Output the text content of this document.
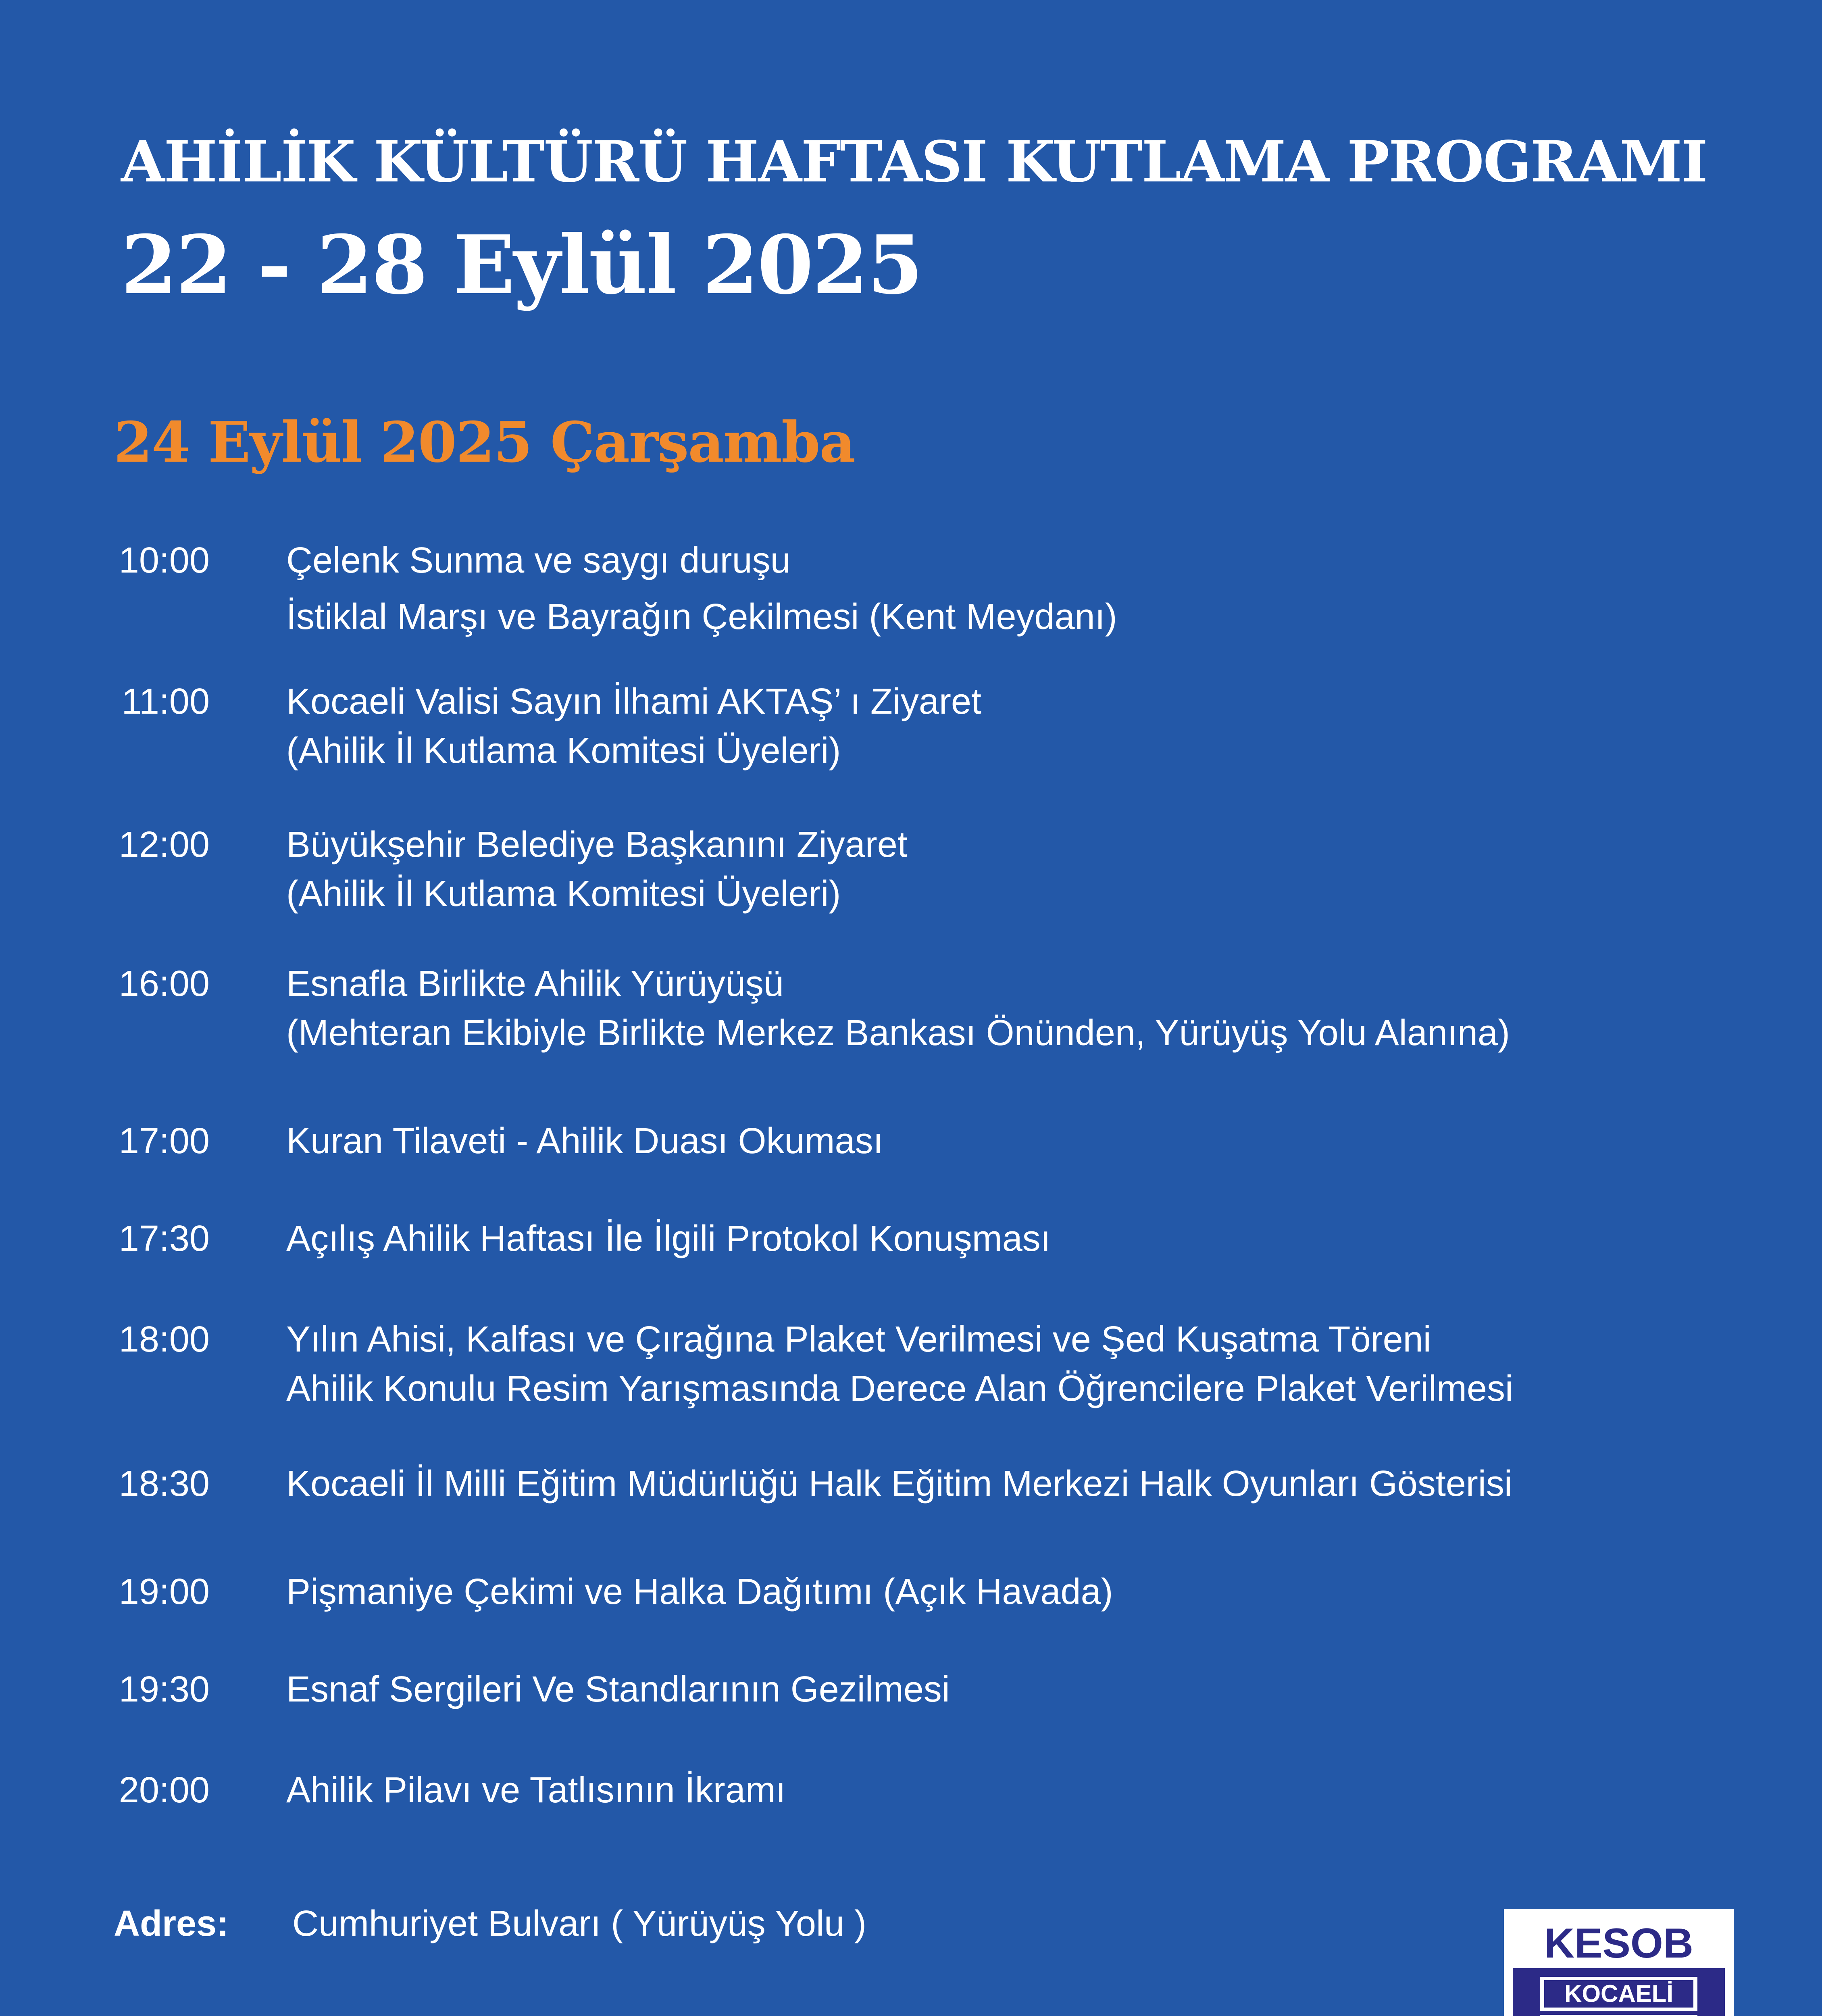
AHİLİK KÜLTÜRÜ HAFTASI KUTLAMA PROGRAMI
22 - 28 Eylül 2025
24 Eylül 2025 Çarşamba
10:00 Çelenk Sunma ve saygı duruşu
İstiklal Marşı ve Bayrağın Çekilmesi (Kent Meydanı)
11:00 Kocaeli Valisi Sayın İlhami AKTAŞ’ ı Ziyaret
(Ahilik İl Kutlama Komitesi Üyeleri)
12:00 Büyükşehir Belediye Başkanını Ziyaret
(Ahilik İl Kutlama Komitesi Üyeleri)
16:00 Esnafla Birlikte Ahilik Yürüyüşü
(Mehteran Ekibiyle Birlikte Merkez Bankası Önünden, Yürüyüş Yolu Alanına)
17:00 Kuran Tilaveti - Ahilik Duası Okuması
17:30 Açılış Ahilik Haftası İle İlgili Protokol Konuşması
18:00 Yılın Ahisi, Kalfası ve Çırağına Plaket Verilmesi ve Şed Kuşatma Töreni
Ahilik Konulu Resim Yarışmasında Derece Alan Öğrencilere Plaket Verilmesi
18:30 Kocaeli İl Milli Eğitim Müdürlüğü Halk Eğitim Merkezi Halk Oyunları Gösterisi
19:00 Pişmaniye Çekimi ve Halka Dağıtımı (Açık Havada)
19:30 Esnaf Sergileri Ve Standlarının Gezilmesi
20:00 Ahilik Pilavı ve Tatlısının İkramı
Adres: Cumhuriyet Bulvarı ( Yürüyüş Yolu )	KESOB
KOCAELİ
